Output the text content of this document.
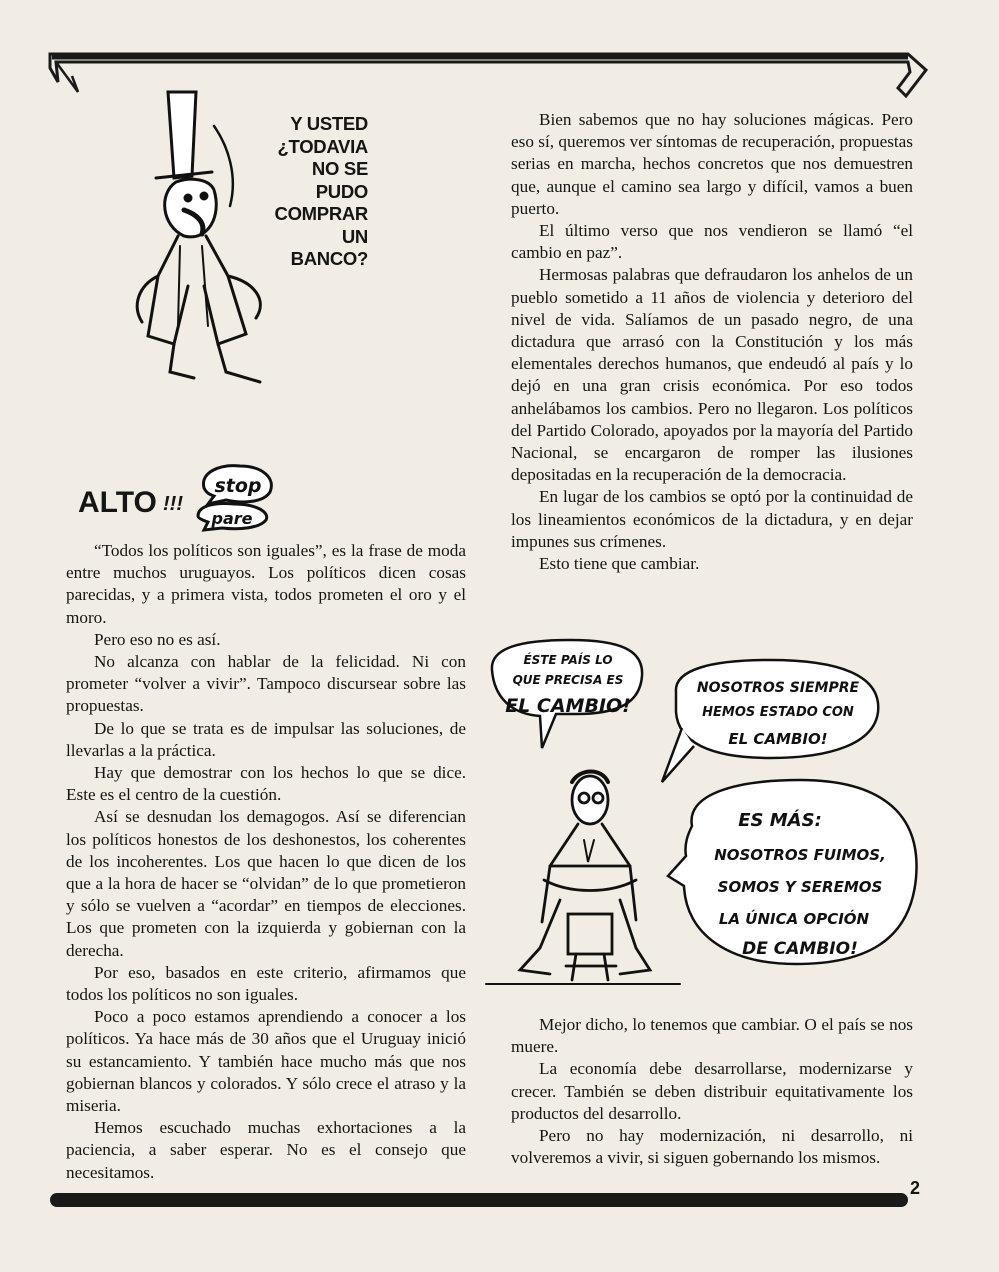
Y USTED
¿TODAVIA
NO SE
PUDO
COMPRAR
UN
BANCO?
ALTO !!!
stop
pare

“Todos los políticos son iguales”, es la frase de moda entre muchos uruguayos. Los políticos dicen cosas parecidas, y a primera vista, todos prometen el oro y el moro.

Pero eso no es así.

No alcanza con hablar de la felicidad. Ni con prometer “volver a vivir”. Tampoco discursear sobre las propuestas.

De lo que se trata es de impulsar las soluciones, de llevarlas a la práctica.

Hay que demostrar con los hechos lo que se dice. Este es el centro de la cuestión.

Así se desnudan los demagogos. Así se diferencian los políticos honestos de los deshonestos, los coherentes de los incoherentes. Los que hacen lo que dicen de los que a la hora de hacer se “olvidan” de lo que prometieron y sólo se vuelven a “acordar” en tiempos de elecciones. Los que prometen con la izquierda y gobiernan con la derecha.

Por eso, basados en este criterio, afirmamos que todos los políticos no son iguales.

Poco a poco estamos aprendiendo a conocer a los políticos. Ya hace más de 30 años que el Uruguay inició su estancamiento. Y también hace mucho más que nos gobiernan blancos y colorados. Y sólo crece el atraso y la miseria.

Hemos escuchado muchas exhortaciones a la paciencia, a saber esperar. No es el consejo que necesitamos.

Bien sabemos que no hay soluciones mágicas. Pero eso sí, queremos ver síntomas de recuperación, propuestas serias en marcha, hechos concretos que nos demuestren que, aunque el camino sea largo y difícil, vamos a buen puerto.

El último verso que nos vendieron se llamó “el cambio en paz”.

Hermosas palabras que defraudaron los anhelos de un pueblo sometido a 11 años de violencia y deterioro del nivel de vida. Salíamos de un pasado negro, de una dictadura que arrasó con la Constitución y los más elementales derechos humanos, que endeudó al país y lo dejó en una gran crisis económica. Por eso todos anhelábamos los cambios. Pero no llegaron. Los políticos del Partido Colorado, apoyados por la mayoría del Partido Nacional, se encargaron de romper las ilusiones depositadas en la recuperación de la democracia.

En lugar de los cambios se optó por la continuidad de los lineamientos económicos de la dictadura, y en dejar impunes sus crímenes.

Esto tiene que cambiar.

ÉSTE PAÍS LO
QUE PRECISA ES
EL CAMBIO!
NOSOTROS SIEMPRE
HEMOS ESTADO CON
EL CAMBIO!
ES MÁS:
NOSOTROS FUIMOS,
SOMOS Y SEREMOS
LA ÚNICA OPCIÓN
DE CAMBIO!

Mejor dicho, lo tenemos que cambiar. O el país se nos muere.

La economía debe desarrollarse, modernizarse y crecer. También se deben distribuir equitativamente los productos del desarrollo.

Pero no hay modernización, ni desarrollo, ni volveremos a vivir, si siguen gobernando los mismos.

2
